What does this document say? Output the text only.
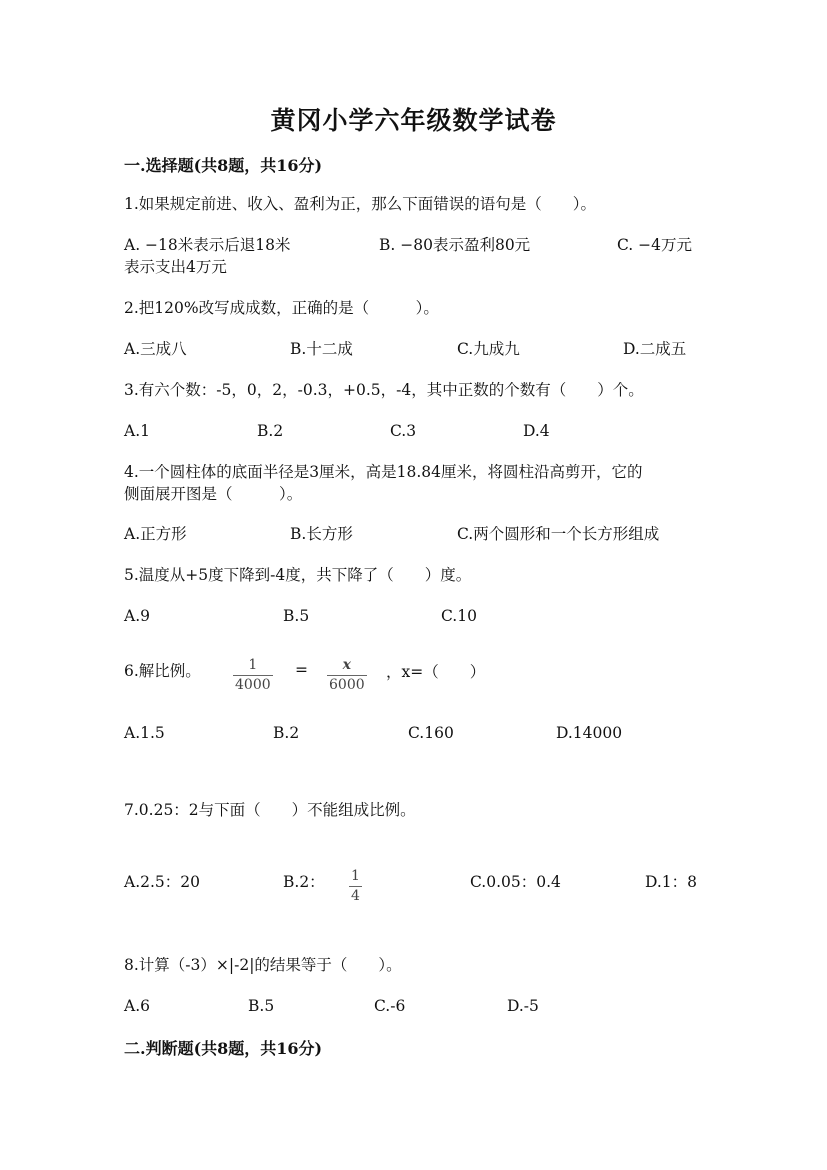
黄冈小学六年级数学试卷
一.选择题(共8题，共16分)
1.如果规定前进、收入、盈利为正，那么下面错误的语句是（　　）。
A. −18米表示后退18米	B. −80表示盈利80元	C. −4万元
表示支出4万元
2.把120%改写成成数，正确的是（　　　）。
A.三成八	B.十二成	C.九成九	D.二成五
3.有六个数：-5，0，2，-0.3，+0.5，-4，其中正数的个数有（　　）个。
A.1	B.2	C.3	D.4
4.一个圆柱体的底面半径是3厘米，高是18.84厘米，将圆柱沿高剪开，它的
侧面展开图是（　　　）。
A.正方形	B.长方形	C.两个圆形和一个长方形组成
5.温度从+5度下降到-4度，共下降了（　　）度。
A.9	B.5	C.10
6.解比例。	1
4000
= x
6000
，x=（　　）
A.1.5	B.2	C.160	D.14000
7.0.25：2与下面（　　）不能组成比例。
A.2.5：20	B.2： 1
4
C.0.05：0.4	D.1：8
8.计算（-3）×|-2|的结果等于（　　）。
A.6	B.5	C.-6	D.-5
二.判断题(共8题，共16分)
